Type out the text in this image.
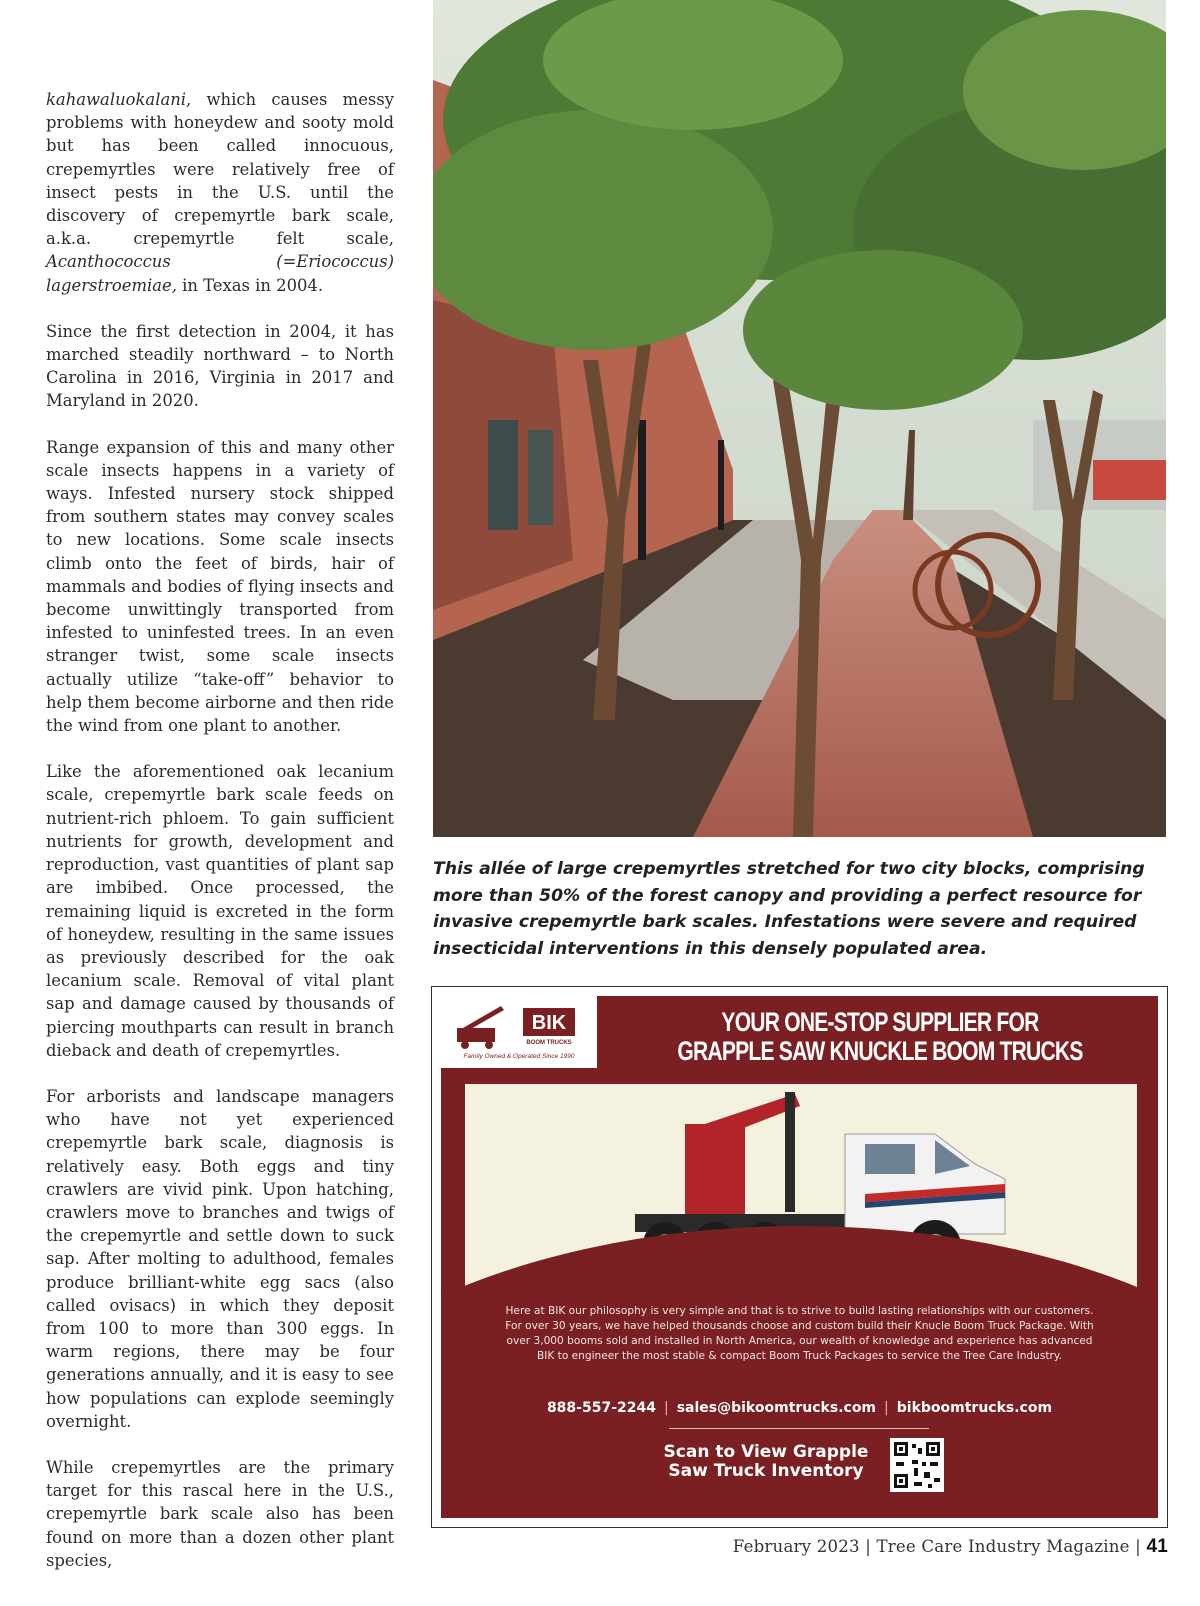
kahawaluokalani, which causes messy problems with honeydew and sooty mold but has been called innocuous, crepemyrtles were relatively free of insect pests in the U.S. until the discovery of crepemyrtle bark scale, a.k.a. crepemyrtle felt scale, Acanthococcus (=Eriococcus) lagerstroemiae, in Texas in 2004.

Since the first detection in 2004, it has marched steadily northward – to North Carolina in 2016, Virginia in 2017 and Maryland in 2020.

Range expansion of this and many other scale insects happens in a variety of ways. Infested nursery stock shipped from southern states may convey scales to new locations. Some scale insects climb onto the feet of birds, hair of mammals and bodies of flying insects and become unwittingly transported from infested to uninfested trees. In an even stranger twist, some scale insects actually utilize “take-off” behavior to help them become airborne and then ride the wind from one plant to another.

Like the aforementioned oak lecanium scale, crepemyrtle bark scale feeds on nutrient-rich phloem. To gain sufficient nutrients for growth, development and reproduction, vast quantities of plant sap are imbibed. Once processed, the remaining liquid is excreted in the form of honeydew, resulting in the same issues as previously described for the oak lecanium scale. Removal of vital plant sap and damage caused by thousands of piercing mouthparts can result in branch dieback and death of crepemyrtles.

For arborists and landscape managers who have not yet experienced crepemyrtle bark scale, diagnosis is relatively easy. Both eggs and tiny crawlers are vivid pink. Upon hatching, crawlers move to branches and twigs of the crepemyrtle and settle down to suck sap. After molting to adulthood, females produce brilliant-white egg sacs (also called ovisacs) in which they deposit from 100 to more than 300 eggs. In warm regions, there may be four generations annually, and it is easy to see how populations can explode seemingly overnight.

While crepemyrtles are the primary target for this rascal here in the U.S., crepemyrtle bark scale also has been found on more than a dozen other plant species,

This allée of large crepemyrtles stretched for two city blocks, comprising more than 50% of the forest canopy and providing a perfect resource for invasive crepemyrtle bark scales. Infestations were severe and required insecticidal interventions in this densely populated area.
BIK
BOOM TRUCKS
Family Owned & Operated Since 1990
YOUR ONE-STOP SUPPLIER FOR
GRAPPLE SAW KNUCKLE BOOM TRUCKS
Here at BIK our philosophy is very simple and that is to strive to build lasting relationships with our customers. For over 30 years, we have helped thousands choose and custom build their Knucle Boom Truck Package. With over 3,000 booms sold and installed in North America, our wealth of knowledge and experience has advanced BIK to engineer the most stable & compact Boom Truck Packages to service the Tree Care Industry.
888-557-2244 | sales@bikoomtrucks.com | bikboomtrucks.com
Scan to View Grapple
Saw Truck Inventory
February 2023 | Tree Care Industry Magazine | 41
